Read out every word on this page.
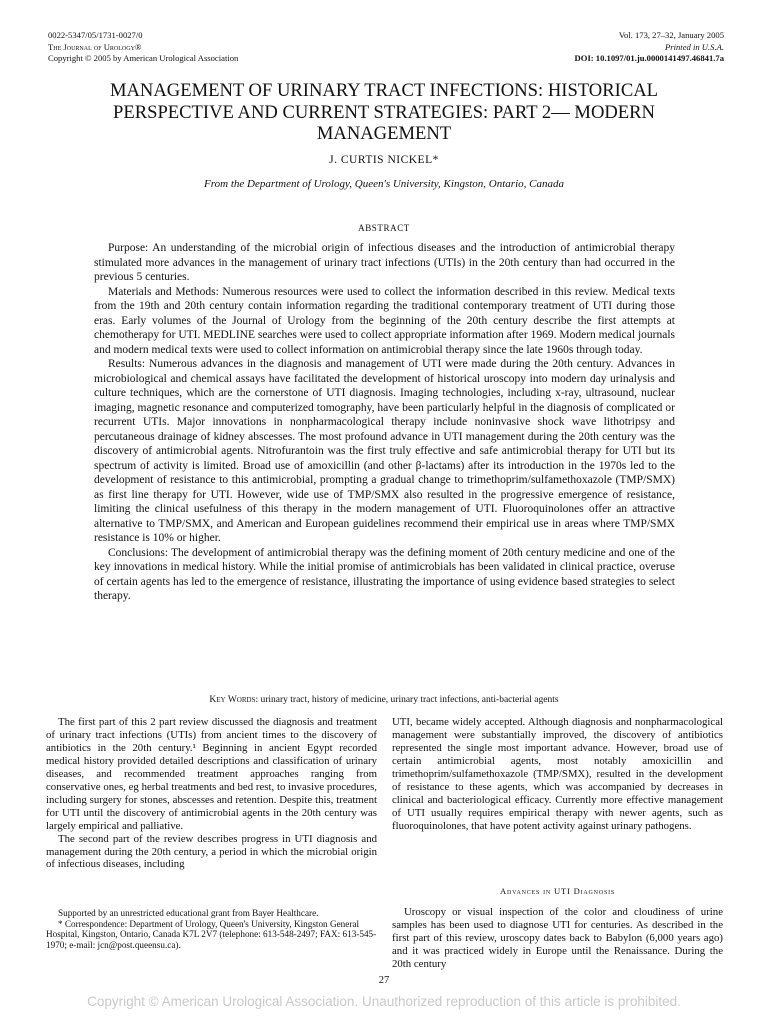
0022-5347/05/1731-0027/0
The Journal of Urology®
Copyright © 2005 by American Urological Association
Vol. 173, 27–32, January 2005
Printed in U.S.A.
DOI: 10.1097/01.ju.0000141497.46841.7a
MANAGEMENT OF URINARY TRACT INFECTIONS: HISTORICAL PERSPECTIVE AND CURRENT STRATEGIES: PART 2— MODERN MANAGEMENT
J. CURTIS NICKEL*
From the Department of Urology, Queen's University, Kingston, Ontario, Canada
ABSTRACT

Purpose: An understanding of the microbial origin of infectious diseases and the introduction of antimicrobial therapy stimulated more advances in the management of urinary tract infections (UTIs) in the 20th century than had occurred in the previous 5 centuries.

Materials and Methods: Numerous resources were used to collect the information described in this review. Medical texts from the 19th and 20th century contain information regarding the traditional contemporary treatment of UTI during those eras. Early volumes of the Journal of Urology from the beginning of the 20th century describe the first attempts at chemotherapy for UTI. MEDLINE searches were used to collect appropriate information after 1969. Modern medical journals and modern medical texts were used to collect information on antimicrobial therapy since the late 1960s through today.

Results: Numerous advances in the diagnosis and management of UTI were made during the 20th century. Advances in microbiological and chemical assays have facilitated the development of historical uroscopy into modern day urinalysis and culture techniques, which are the cornerstone of UTI diagnosis. Imaging technologies, including x-ray, ultrasound, nuclear imaging, magnetic resonance and computerized tomography, have been particularly helpful in the diagnosis of complicated or recurrent UTIs. Major innovations in nonpharmacological therapy include noninvasive shock wave lithotripsy and percutaneous drainage of kidney abscesses. The most profound advance in UTI management during the 20th century was the discovery of antimicrobial agents. Nitrofurantoin was the first truly effective and safe antimicrobial therapy for UTI but its spectrum of activity is limited. Broad use of amoxicillin (and other β-lactams) after its introduction in the 1970s led to the development of resistance to this antimicrobial, prompting a gradual change to trimethoprim/sulfamethoxazole (TMP/SMX) as first line therapy for UTI. However, wide use of TMP/SMX also resulted in the progressive emergence of resistance, limiting the clinical usefulness of this therapy in the modern management of UTI. Fluoroquinolones offer an attractive alternative to TMP/SMX, and American and European guidelines recommend their empirical use in areas where TMP/SMX resistance is 10% or higher.

Conclusions: The development of antimicrobial therapy was the defining moment of 20th century medicine and one of the key innovations in medical history. While the initial promise of antimicrobials has been validated in clinical practice, overuse of certain agents has led to the emergence of resistance, illustrating the importance of using evidence based strategies to select therapy.

Key Words: urinary tract, history of medicine, urinary tract infections, anti-bacterial agents

The first part of this 2 part review discussed the diagnosis and treatment of urinary tract infections (UTIs) from ancient times to the discovery of antibiotics in the 20th century.¹ Beginning in ancient Egypt recorded medical history provided detailed descriptions and classification of urinary diseases, and recommended treatment approaches ranging from conservative ones, eg herbal treatments and bed rest, to invasive procedures, including surgery for stones, abscesses and retention. Despite this, treatment for UTI until the discovery of antimicrobial agents in the 20th century was largely empirical and palliative.

The second part of the review describes progress in UTI diagnosis and management during the 20th century, a period in which the microbial origin of infectious diseases, including

Supported by an unrestricted educational grant from Bayer Healthcare.

* Correspondence: Department of Urology, Queen's University, Kingston General Hospital, Kingston, Ontario, Canada K7L 2V7 (telephone: 613-548-2497; FAX: 613-545-1970; e-mail: jcn@post.queensu.ca).

UTI, became widely accepted. Although diagnosis and nonpharmacological management were substantially improved, the discovery of antibiotics represented the single most important advance. However, broad use of certain antimicrobial agents, most notably amoxicillin and trimethoprim/sulfamethoxazole (TMP/SMX), resulted in the development of resistance to these agents, which was accompanied by decreases in clinical and bacteriological efficacy. Currently more effective management of UTI usually requires empirical therapy with newer agents, such as fluoroquinolones, that have potent activity against urinary pathogens.

Advances in UTI Diagnosis

Uroscopy or visual inspection of the color and cloudiness of urine samples has been used to diagnose UTI for centuries. As described in the first part of this review, uroscopy dates back to Babylon (6,000 years ago) and it was practiced widely in Europe until the Renaissance. During the 20th century

27
Copyright © American Urological Association. Unauthorized reproduction of this article is prohibited.
